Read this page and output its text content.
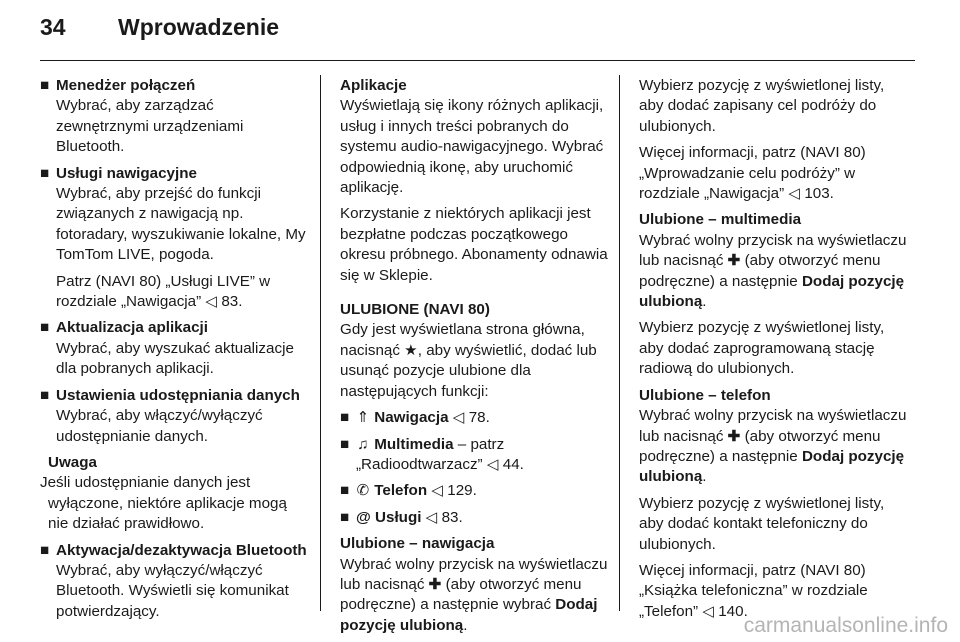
34 Wprowadzenie
■ Menedżer połączeń

Wybrać, aby zarządzać zewnętrznymi urządzeniami Bluetooth.

■ Usługi nawigacyjne

Wybrać, aby przejść do funkcji związanych z nawigacją np. fotoradary, wyszukiwanie lokalne, My TomTom LIVE, pogoda.

Patrz (NAVI 80) „Usługi LIVE” w rozdziale „Nawigacja” ◁ 83.

■ Aktualizacja aplikacji

Wybrać, aby wyszukać aktualizacje dla pobranych aplikacji.

■ Ustawienia udostępniania danych

Wybrać, aby włączyć/wyłączyć udostępnianie danych.

Uwaga

Jeśli udostępnianie danych jest wyłączone, niektóre aplikacje mogą nie działać prawidłowo.

■ Aktywacja/dezaktywacja Bluetooth

Wybrać, aby wyłączyć/włączyć Bluetooth. Wyświetli się komunikat potwierdzający.

Aplikacje

Wyświetlają się ikony różnych aplikacji, usług i innych treści pobranych do systemu audio-nawigacyjnego. Wybrać odpowiednią ikonę, aby uruchomić aplikację.

Korzystanie z niektórych aplikacji jest bezpłatne podczas początkowego okresu próbnego. Abonamenty odnawia się w Sklepie.

ULUBIONE (NAVI 80)

Gdy jest wyświetlana strona główna, nacisnąć ★, aby wyświetlić, dodać lub usunąć pozycje ulubione dla następujących funkcji:

■ ⇑ Nawigacja ◁ 78.
■ ♫ Multimedia – patrz „Radioodtwarzacz” ◁ 44.
■ ✆ Telefon ◁ 129.
■ @ Usługi ◁ 83.
Ulubione – nawigacja

Wybrać wolny przycisk na wyświetlaczu lub nacisnąć ✚ (aby otworzyć menu podręczne) a następnie wybrać Dodaj pozycję ulubioną.

Wybierz pozycję z wyświetlonej listy, aby dodać zapisany cel podróży do ulubionych.

Więcej informacji, patrz (NAVI 80) „Wprowadzanie celu podróży” w rozdziale „Nawigacja” ◁ 103.

Ulubione – multimedia

Wybrać wolny przycisk na wyświetlaczu lub nacisnąć ✚ (aby otworzyć menu podręczne) a następnie Dodaj pozycję ulubioną.

Wybierz pozycję z wyświetlonej listy, aby dodać zaprogramowaną stację radiową do ulubionych.

Ulubione – telefon

Wybrać wolny przycisk na wyświetlaczu lub nacisnąć ✚ (aby otworzyć menu podręczne) a następnie Dodaj pozycję ulubioną.

Wybierz pozycję z wyświetlonej listy, aby dodać kontakt telefoniczny do ulubionych.

Więcej informacji, patrz (NAVI 80) „Książka telefoniczna” w rozdziale „Telefon” ◁ 140.

carmanualsonline.info
